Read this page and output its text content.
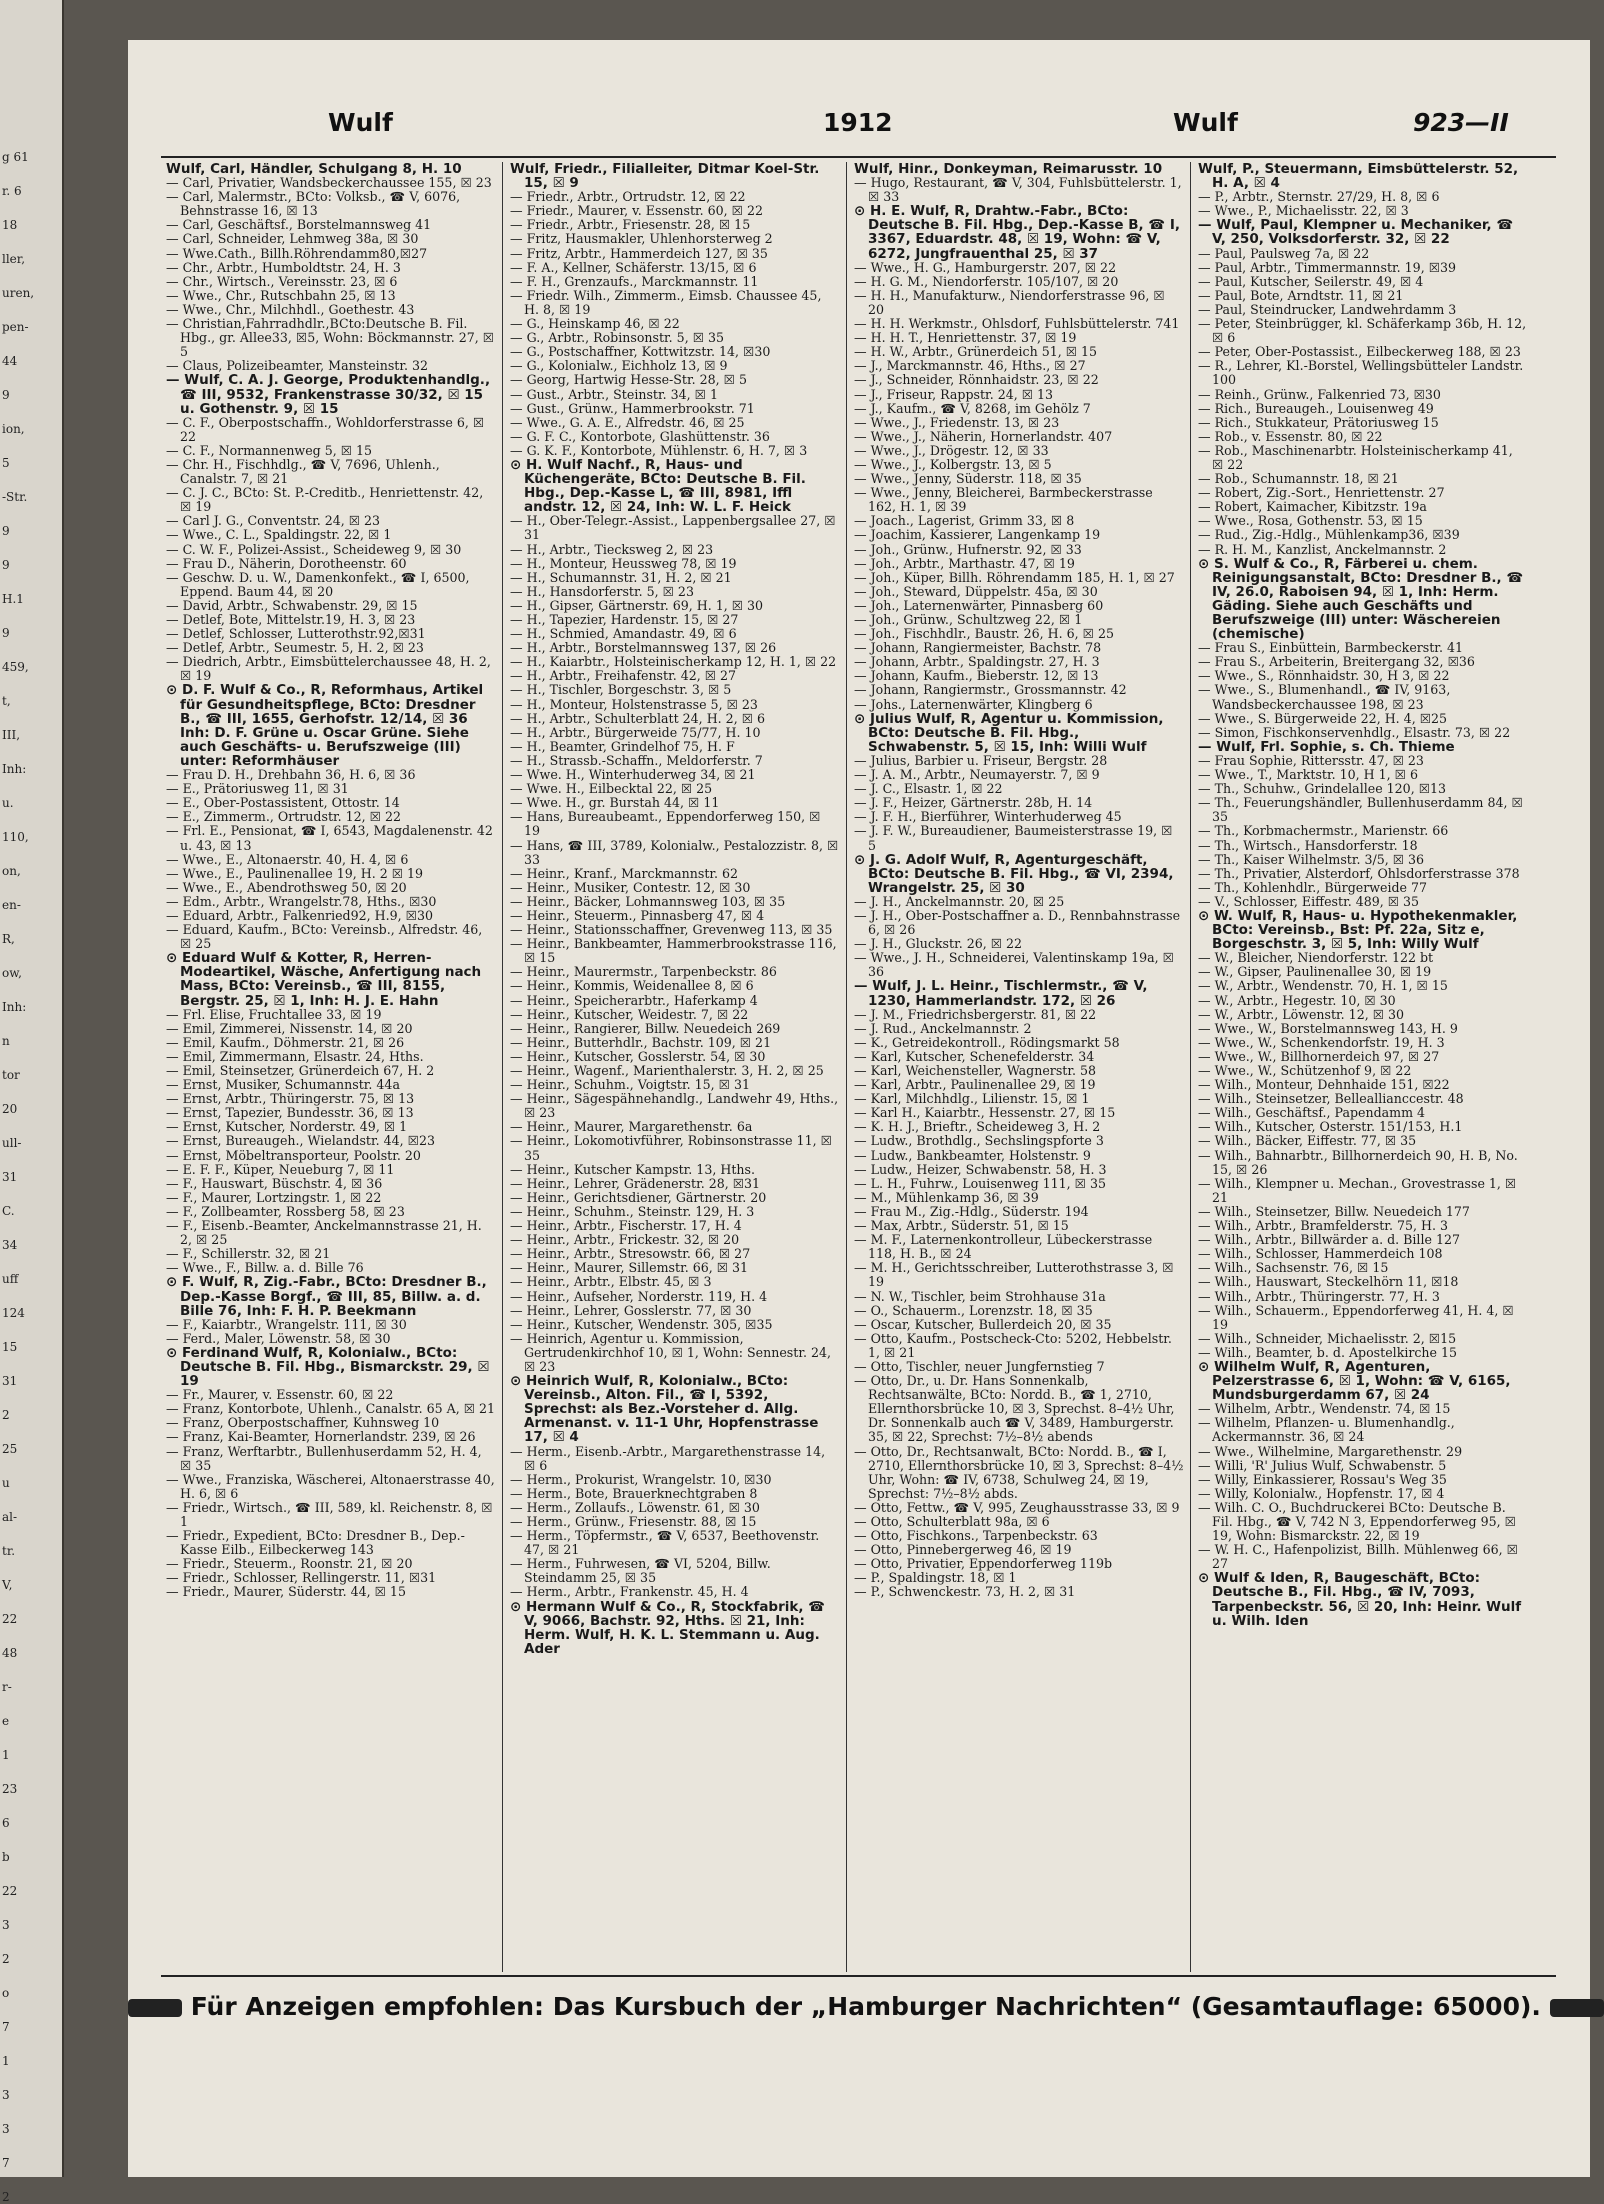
g 61
r. 6
18
ller,
uren,
pen-
44
9
ion,
5
-Str.
9
9
H.1
9
459,
t,
III,
Inh:
u.
110,
on,
en-
R,
ow,
Inh:
n
tor
20
ull-
31
C.
34
uff
124
15
31
2
25
u
al-
tr.
V,
22
48
r-
e
1
23
6
b
22
3
2
o
7
1
3
3
7
2
Wulf	1912	Wulf	923—II

Wulf, Carl, Händler, Schulgang 8, H. 10

— Carl, Privatier, Wandsbeckerchaussee 155, ☒ 23

— Carl, Malermstr., BCto: Volksb., ☎ V, 6076, Behnstrasse 16, ☒ 13

— Carl, Geschäftsf., Borstelmannsweg 41

— Carl, Schneider, Lehmweg 38a, ☒ 30

— Wwe.Cath., Billh.Röhrendamm80,☒27

— Chr., Arbtr., Humboldtstr. 24, H. 3

— Chr., Wirtsch., Vereinsstr. 23, ☒ 6

— Wwe., Chr., Rutschbahn 25, ☒ 13

— Wwe., Chr., Milchhdl., Goethestr. 43

— Christian,Fahrradhdlr.,BCto:Deutsche B. Fil. Hbg., gr. Allee33, ☒5, Wohn: Böckmannstr. 27, ☒ 5

— Claus, Polizeibeamter, Mansteinstr. 32

— Wulf, C. A. J. George, Produktenhandlg., ☎ III, 9532, Frankenstrasse 30/32, ☒ 15 u. Gothenstr. 9, ☒ 15

— C. F., Oberpostschaffn., Wohldorferstrasse 6, ☒ 22

— C. F., Normannenweg 5, ☒ 15

— Chr. H., Fischhdlg., ☎ V, 7696, Uhlenh., Canalstr. 7, ☒ 21

— C. J. C., BCto: St. P.-Creditb., Henriettenstr. 42, ☒ 19

— Carl J. G., Conventstr. 24, ☒ 23

— Wwe., C. L., Spaldingstr. 22, ☒ 1

— C. W. F., Polizei-Assist., Scheideweg 9, ☒ 30

— Frau D., Näherin, Dorotheenstr. 60

— Geschw. D. u. W., Damenkonfekt., ☎ I, 6500, Eppend. Baum 44, ☒ 20

— David, Arbtr., Schwabenstr. 29, ☒ 15

— Detlef, Bote, Mittelstr.19, H. 3, ☒ 23

— Detlef, Schlosser, Lutterothstr.92,☒31

— Detlef, Arbtr., Seumestr. 5, H. 2, ☒ 23

— Diedrich, Arbtr., Eimsbüttelerchaussee 48, H. 2, ☒ 19

⊙ D. F. Wulf & Co., R, Reformhaus, Artikel für Gesundheitspflege, BCto: Dresdner B., ☎ III, 1655, Gerhofstr. 12/14, ☒ 36 Inh: D. F. Grüne u. Oscar Grüne. Siehe auch Geschäfts- u. Berufszweige (III) unter: Reformhäuser

— Frau D. H., Drehbahn 36, H. 6, ☒ 36

— E., Prätoriusweg 11, ☒ 31

— E., Ober-Postassistent, Ottostr. 14

— E., Zimmerm., Ortrudstr. 12, ☒ 22

— Frl. E., Pensionat, ☎ I, 6543, Magdalenenstr. 42 u. 43, ☒ 13

— Wwe., E., Altonaerstr. 40, H. 4, ☒ 6

— Wwe., E., Paulinenallee 19, H. 2 ☒ 19

— Wwe., E., Abendrothsweg 50, ☒ 20

— Edm., Arbtr., Wrangelstr.78, Hths., ☒30

— Eduard, Arbtr., Falkenried92, H.9, ☒30

— Eduard, Kaufm., BCto: Vereinsb., Alfredstr. 46, ☒ 25

⊙ Eduard Wulf & Kotter, R, Herren-Modeartikel, Wäsche, Anfertigung nach Mass, BCto: Vereinsb., ☎ III, 8155, Bergstr. 25, ☒ 1, Inh: H. J. E. Hahn

— Frl. Elise, Fruchtallee 33, ☒ 19

— Emil, Zimmerei, Nissenstr. 14, ☒ 20

— Emil, Kaufm., Döhmerstr. 21, ☒ 26

— Emil, Zimmermann, Elsastr. 24, Hths.

— Emil, Steinsetzer, Grünerdeich 67, H. 2

— Ernst, Musiker, Schumannstr. 44a

— Ernst, Arbtr., Thüringerstr. 75, ☒ 13

— Ernst, Tapezier, Bundesstr. 36, ☒ 13

— Ernst, Kutscher, Norderstr. 49, ☒ 1

— Ernst, Bureaugeh., Wielandstr. 44, ☒23

— Ernst, Möbeltransporteur, Poolstr. 20

— E. F. F., Küper, Neueburg 7, ☒ 11

— F., Hauswart, Büschstr. 4, ☒ 36

— F., Maurer, Lortzingstr. 1, ☒ 22

— F., Zollbeamter, Rossberg 58, ☒ 23

— F., Eisenb.-Beamter, Anckelmannstrasse 21, H. 2, ☒ 25

— F., Schillerstr. 32, ☒ 21

— Wwe., F., Billw. a. d. Bille 76

⊙ F. Wulf, R, Zig.-Fabr., BCto: Dresdner B., Dep.-Kasse Borgf., ☎ III, 85, Billw. a. d. Bille 76, Inh: F. H. P. Beekmann

— F., Kaiarbtr., Wrangelstr. 111, ☒ 30

— Ferd., Maler, Löwenstr. 58, ☒ 30

⊙ Ferdinand Wulf, R, Kolonialw., BCto: Deutsche B. Fil. Hbg., Bismarckstr. 29, ☒ 19

— Fr., Maurer, v. Essenstr. 60, ☒ 22

— Franz, Kontorbote, Uhlenh., Canalstr. 65 A, ☒ 21

— Franz, Oberpostschaffner, Kuhnsweg 10

— Franz, Kai-Beamter, Hornerlandstr. 239, ☒ 26

— Franz, Werftarbtr., Bullenhuserdamm 52, H. 4, ☒ 35

— Wwe., Franziska, Wäscherei, Altonaerstrasse 40, H. 6, ☒ 6

— Friedr., Wirtsch., ☎ III, 589, kl. Reichenstr. 8, ☒ 1

— Friedr., Expedient, BCto: Dresdner B., Dep.-Kasse Eilb., Eilbeckerweg 143

— Friedr., Steuerm., Roonstr. 21, ☒ 20

— Friedr., Schlosser, Rellingerstr. 11, ☒31

— Friedr., Maurer, Süderstr. 44, ☒ 15

Wulf, Friedr., Filialleiter, Ditmar Koel-Str. 15, ☒ 9

— Friedr., Arbtr., Ortrudstr. 12, ☒ 22

— Friedr., Maurer, v. Essenstr. 60, ☒ 22

— Friedr., Arbtr., Friesenstr. 28, ☒ 15

— Fritz, Hausmakler, Uhlenhorsterweg 2

— Fritz, Arbtr., Hammerdeich 127, ☒ 35

— F. A., Kellner, Schäferstr. 13/15, ☒ 6

— F. H., Grenzaufs., Marckmannstr. 11

— Friedr. Wilh., Zimmerm., Eimsb. Chaussee 45, H. 8, ☒ 19

— G., Heinskamp 46, ☒ 22

— G., Arbtr., Robinsonstr. 5, ☒ 35

— G., Postschaffner, Kottwitzstr. 14, ☒30

— G., Kolonialw., Eichholz 13, ☒ 9

— Georg, Hartwig Hesse-Str. 28, ☒ 5

— Gust., Arbtr., Steinstr. 34, ☒ 1

— Gust., Grünw., Hammerbrookstr. 71

— Wwe., G. A. E., Alfredstr. 46, ☒ 25

— G. F. C., Kontorbote, Glashüttenstr. 36

— G. K. F., Kontorbote, Mühlenstr. 6, H. 7, ☒ 3

⊙ H. Wulf Nachf., R, Haus- und Küchengeräte, BCto: Deutsche B. Fil. Hbg., Dep.-Kasse L, ☎ III, 8981, Iffl andstr. 12, ☒ 24, Inh: W. L. F. Heick

— H., Ober-Telegr.-Assist., Lappenbergsallee 27, ☒ 31

— H., Arbtr., Tiecksweg 2, ☒ 23

— H., Monteur, Heussweg 78, ☒ 19

— H., Schumannstr. 31, H. 2, ☒ 21

— H., Hansdorferstr. 5, ☒ 23

— H., Gipser, Gärtnerstr. 69, H. 1, ☒ 30

— H., Tapezier, Hardenstr. 15, ☒ 27

— H., Schmied, Amandastr. 49, ☒ 6

— H., Arbtr., Borstelmannsweg 137, ☒ 26

— H., Kaiarbtr., Holsteinischerkamp 12, H. 1, ☒ 22

— H., Arbtr., Freihafenstr. 42, ☒ 27

— H., Tischler, Borgeschstr. 3, ☒ 5

— H., Monteur, Holstenstrasse 5, ☒ 23

— H., Arbtr., Schulterblatt 24, H. 2, ☒ 6

— H., Arbtr., Bürgerweide 75/77, H. 10

— H., Beamter, Grindelhof 75, H. F

— H., Strassb.-Schaffn., Meldorferstr. 7

— Wwe. H., Winterhuderweg 34, ☒ 21

— Wwe. H., Eilbecktal 22, ☒ 25

— Wwe. H., gr. Burstah 44, ☒ 11

— Hans, Bureaubeamt., Eppendorferweg 150, ☒ 19

— Hans, ☎ III, 3789, Kolonialw., Pestalozzistr. 8, ☒ 33

— Heinr., Kranf., Marckmannstr. 62

— Heinr., Musiker, Contestr. 12, ☒ 30

— Heinr., Bäcker, Lohmannsweg 103, ☒ 35

— Heinr., Steuerm., Pinnasberg 47, ☒ 4

— Heinr., Stationsschaffner, Grevenweg 113, ☒ 35

— Heinr., Bankbeamter, Hammerbrookstrasse 116, ☒ 15

— Heinr., Maurermstr., Tarpenbeckstr. 86

— Heinr., Kommis, Weidenallee 8, ☒ 6

— Heinr., Speicherarbtr., Haferkamp 4

— Heinr., Kutscher, Weidestr. 7, ☒ 22

— Heinr., Rangierer, Billw. Neuedeich 269

— Heinr., Butterhdlr., Bachstr. 109, ☒ 21

— Heinr., Kutscher, Gosslerstr. 54, ☒ 30

— Heinr., Wagenf., Marienthalerstr. 3, H. 2, ☒ 25

— Heinr., Schuhm., Voigtstr. 15, ☒ 31

— Heinr., Sägespähnehandlg., Landwehr 49, Hths., ☒ 23

— Heinr., Maurer, Margarethenstr. 6a

— Heinr., Lokomotivführer, Robinsonstrasse 11, ☒ 35

— Heinr., Kutscher Kampstr. 13, Hths.

— Heinr., Lehrer, Grädenerstr. 28, ☒31

— Heinr., Gerichtsdiener, Gärtnerstr. 20

— Heinr., Schuhm., Steinstr. 129, H. 3

— Heinr., Arbtr., Fischerstr. 17, H. 4

— Heinr., Arbtr., Frickestr. 32, ☒ 20

— Heinr., Arbtr., Stresowstr. 66, ☒ 27

— Heinr., Maurer, Sillemstr. 66, ☒ 31

— Heinr., Arbtr., Elbstr. 45, ☒ 3

— Heinr., Aufseher, Norderstr. 119, H. 4

— Heinr., Lehrer, Gosslerstr. 77, ☒ 30

— Heinr., Kutscher, Wendenstr. 305, ☒35

— Heinrich, Agentur u. Kommission, Gertrudenkirchhof 10, ☒ 1, Wohn: Sennestr. 24, ☒ 23

⊙ Heinrich Wulf, R, Kolonialw., BCto: Vereinsb., Alton. Fil., ☎ I, 5392, Sprechst: als Bez.-Vorsteher d. Allg. Armenanst. v. 11-1 Uhr, Hopfenstrasse 17, ☒ 4

— Herm., Eisenb.-Arbtr., Margarethenstrasse 14, ☒ 6

— Herm., Prokurist, Wrangelstr. 10, ☒30

— Herm., Bote, Brauerknechtgraben 8

— Herm., Zollaufs., Löwenstr. 61, ☒ 30

— Herm., Grünw., Friesenstr. 88, ☒ 15

— Herm., Töpfermstr., ☎ V, 6537, Beethovenstr. 47, ☒ 21

— Herm., Fuhrwesen, ☎ VI, 5204, Billw. Steindamm 25, ☒ 35

— Herm., Arbtr., Frankenstr. 45, H. 4

⊙ Hermann Wulf & Co., R, Stockfabrik, ☎ V, 9066, Bachstr. 92, Hths. ☒ 21, Inh: Herm. Wulf, H. K. L. Stemmann u. Aug. Ader

Wulf, Hinr., Donkeyman, Reimarusstr. 10

— Hugo, Restaurant, ☎ V, 304, Fuhlsbüttelerstr. 1, ☒ 33

⊙ H. E. Wulf, R, Drahtw.-Fabr., BCto: Deutsche B. Fil. Hbg., Dep.-Kasse B, ☎ I, 3367, Eduardstr. 48, ☒ 19, Wohn: ☎ V, 6272, Jungfrauenthal 25, ☒ 37

— Wwe., H. G., Hamburgerstr. 207, ☒ 22

— H. G. M., Niendorferstr. 105/107, ☒ 20

— H. H., Manufakturw., Niendorferstrasse 96, ☒ 20

— H. H. Werkmstr., Ohlsdorf, Fuhlsbüttelerstr. 741

— H. H. T., Henriettenstr. 37, ☒ 19

— H. W., Arbtr., Grünerdeich 51, ☒ 15

— J., Marckmannstr. 46, Hths., ☒ 27

— J., Schneider, Rönnhaidstr. 23, ☒ 22

— J., Friseur, Rappstr. 24, ☒ 13

— J., Kaufm., ☎ V, 8268, im Gehölz 7

— Wwe., J., Friedenstr. 13, ☒ 23

— Wwe., J., Näherin, Hornerlandstr. 407

— Wwe., J., Drögestr. 12, ☒ 33

— Wwe., J., Kolbergstr. 13, ☒ 5

— Wwe., Jenny, Süderstr. 118, ☒ 35

— Wwe., Jenny, Bleicherei, Barmbeckerstrasse 162, H. 1, ☒ 39

— Joach., Lagerist, Grimm 33, ☒ 8

— Joachim, Kassierer, Langenkamp 19

— Joh., Grünw., Hufnerstr. 92, ☒ 33

— Joh., Arbtr., Marthastr. 47, ☒ 19

— Joh., Küper, Billh. Röhrendamm 185, H. 1, ☒ 27

— Joh., Steward, Düppelstr. 45a, ☒ 30

— Joh., Laternenwärter, Pinnasberg 60

— Joh., Grünw., Schultzweg 22, ☒ 1

— Joh., Fischhdlr., Baustr. 26, H. 6, ☒ 25

— Johann, Rangiermeister, Bachstr. 78

— Johann, Arbtr., Spaldingstr. 27, H. 3

— Johann, Kaufm., Bieberstr. 12, ☒ 13

— Johann, Rangiermstr., Grossmannstr. 42

— Johs., Laternenwärter, Klingberg 6

⊙ Julius Wulf, R, Agentur u. Kommission, BCto: Deutsche B. Fil. Hbg., Schwabenstr. 5, ☒ 15, Inh: Willi Wulf

— Julius, Barbier u. Friseur, Bergstr. 28

— J. A. M., Arbtr., Neumayerstr. 7, ☒ 9

— J. C., Elsastr. 1, ☒ 22

— J. F., Heizer, Gärtnerstr. 28b, H. 14

— J. F. H., Bierführer, Winterhuderweg 45

— J. F. W., Bureaudiener, Baumeisterstrasse 19, ☒ 5

⊙ J. G. Adolf Wulf, R, Agenturgeschäft, BCto: Deutsche B. Fil. Hbg., ☎ VI, 2394, Wrangelstr. 25, ☒ 30

— J. H., Anckelmannstr. 20, ☒ 25

— J. H., Ober-Postschaffner a. D., Rennbahnstrasse 6, ☒ 26

— J. H., Gluckstr. 26, ☒ 22

— Wwe., J. H., Schneiderei, Valentinskamp 19a, ☒ 36

— Wulf, J. L. Heinr., Tischlermstr., ☎ V, 1230, Hammerlandstr. 172, ☒ 26

— J. M., Friedrichsbergerstr. 81, ☒ 22

— J. Rud., Anckelmannstr. 2

— K., Getreidekontroll., Rödingsmarkt 58

— Karl, Kutscher, Schenefelderstr. 34

— Karl, Weichensteller, Wagnerstr. 58

— Karl, Arbtr., Paulinenallee 29, ☒ 19

— Karl, Milchhdlg., Lilienstr. 15, ☒ 1

— Karl H., Kaiarbtr., Hessenstr. 27, ☒ 15

— K. H. J., Brieftr., Scheideweg 3, H. 2

— Ludw., Brothdlg., Sechslingspforte 3

— Ludw., Bankbeamter, Holstenstr. 9

— Ludw., Heizer, Schwabenstr. 58, H. 3

— L. H., Fuhrw., Louisenweg 111, ☒ 35

— M., Mühlenkamp 36, ☒ 39

— Frau M., Zig.-Hdlg., Süderstr. 194

— Max, Arbtr., Süderstr. 51, ☒ 15

— M. F., Laternenkontrolleur, Lübeckerstrasse 118, H. B., ☒ 24

— M. H., Gerichtsschreiber, Lutterothstrasse 3, ☒ 19

— N. W., Tischler, beim Strohhause 31a

— O., Schauerm., Lorenzstr. 18, ☒ 35

— Oscar, Kutscher, Bullerdeich 20, ☒ 35

— Otto, Kaufm., Postscheck-Cto: 5202, Hebbelstr. 1, ☒ 21

— Otto, Tischler, neuer Jungfernstieg 7

— Otto, Dr., u. Dr. Hans Sonnenkalb, Rechtsanwälte, BCto: Nordd. B., ☎ 1, 2710, Ellernthorsbrücke 10, ☒ 3, Sprechst. 8–4½ Uhr, Dr. Sonnenkalb auch ☎ V, 3489, Hamburgerstr. 35, ☒ 22, Sprechst: 7½–8½ abends

— Otto, Dr., Rechtsanwalt, BCto: Nordd. B., ☎ I, 2710, Ellernthorsbrücke 10, ☒ 3, Sprechst: 8–4½ Uhr, Wohn: ☎ IV, 6738, Schulweg 24, ☒ 19, Sprechst: 7½–8½ abds.

— Otto, Fettw., ☎ V, 995, Zeughausstrasse 33, ☒ 9

— Otto, Schulterblatt 98a, ☒ 6

— Otto, Fischkons., Tarpenbeckstr. 63

— Otto, Pinnebergerweg 46, ☒ 19

— Otto, Privatier, Eppendorferweg 119b

— P., Spaldingstr. 18, ☒ 1

— P., Schwenckestr. 73, H. 2, ☒ 31

Wulf, P., Steuermann, Eimsbüttelerstr. 52, H. A, ☒ 4

— P., Arbtr., Sternstr. 27/29, H. 8, ☒ 6

— Wwe., P., Michaelisstr. 22, ☒ 3

— Wulf, Paul, Klempner u. Mechaniker, ☎ V, 250, Volksdorferstr. 32, ☒ 22

— Paul, Paulsweg 7a, ☒ 22

— Paul, Arbtr., Timmermannstr. 19, ☒39

— Paul, Kutscher, Seilerstr. 49, ☒ 4

— Paul, Bote, Arndtstr. 11, ☒ 21

— Paul, Steindrucker, Landwehrdamm 3

— Peter, Steinbrügger, kl. Schäferkamp 36b, H. 12, ☒ 6

— Peter, Ober-Postassist., Eilbeckerweg 188, ☒ 23

— R., Lehrer, Kl.-Borstel, Wellingsbütteler Landstr. 100

— Reinh., Grünw., Falkenried 73, ☒30

— Rich., Bureaugeh., Louisenweg 49

— Rich., Stukkateur, Prätoriusweg 15

— Rob., v. Essenstr. 80, ☒ 22

— Rob., Maschinenarbtr. Holsteinischerkamp 41, ☒ 22

— Rob., Schumannstr. 18, ☒ 21

— Robert, Zig.-Sort., Henriettenstr. 27

— Robert, Kaimacher, Kibitzstr. 19a

— Wwe., Rosa, Gothenstr. 53, ☒ 15

— Rud., Zig.-Hdlg., Mühlenkamp36, ☒39

— R. H. M., Kanzlist, Anckelmannstr. 2

⊙ S. Wulf & Co., R, Färberei u. chem. Reinigungsanstalt, BCto: Dresdner B., ☎ IV, 26.0, Raboisen 94, ☒ 1, Inh: Herm. Gäding. Siehe auch Geschäfts und Berufszweige (III) unter: Wäschereien (chemische)

— Frau S., Einbüttein, Barmbeckerstr. 41

— Frau S., Arbeiterin, Breitergang 32, ☒36

— Wwe., S., Rönnhaidstr. 30, H 3, ☒ 22

— Wwe., S., Blumenhandl., ☎ IV, 9163, Wandsbeckerchaussee 198, ☒ 23

— Wwe., S. Bürgerweide 22, H. 4, ☒25

— Simon, Fischkonservenhdlg., Elsastr. 73, ☒ 22

— Wulf, Frl. Sophie, s. Ch. Thieme

— Frau Sophie, Rittersstr. 47, ☒ 23

— Wwe., T., Marktstr. 10, H 1, ☒ 6

— Th., Schuhw., Grindelallee 120, ☒13

— Th., Feuerungshändler, Bullenhuserdamm 84, ☒ 35

— Th., Korbmachermstr., Marienstr. 66

— Th., Wirtsch., Hansdorferstr. 18

— Th., Kaiser Wilhelmstr. 3/5, ☒ 36

— Th., Privatier, Alsterdorf, Ohlsdorferstrasse 378

— Th., Kohlenhdlr., Bürgerweide 77

— V., Schlosser, Eiffestr. 489, ☒ 35

⊙ W. Wulf, R, Haus- u. Hypothekenmakler, BCto: Vereinsb., Bst: Pf. 22a, Sitz e, Borgeschstr. 3, ☒ 5, Inh: Willy Wulf

— W., Bleicher, Niendorferstr. 122 bt

— W., Gipser, Paulinenallee 30, ☒ 19

— W., Arbtr., Wendenstr. 70, H. 1, ☒ 15

— W., Arbtr., Hegestr. 10, ☒ 30

— W., Arbtr., Löwenstr. 12, ☒ 30

— Wwe., W., Borstelmannsweg 143, H. 9

— Wwe., W., Schenkendorfstr. 19, H. 3

— Wwe., W., Billhornerdeich 97, ☒ 27

— Wwe., W., Schützenhof 9, ☒ 22

— Wilh., Monteur, Dehnhaide 151, ☒22

— Wilh., Steinsetzer, Belleallianccestr. 48

— Wilh., Geschäftsf., Papendamm 4

— Wilh., Kutscher, Osterstr. 151/153, H.1

— Wilh., Bäcker, Eiffestr. 77, ☒ 35

— Wilh., Bahnarbtr., Billhornerdeich 90, H. B, No. 15, ☒ 26

— Wilh., Klempner u. Mechan., Grovestrasse 1, ☒ 21

— Wilh., Steinsetzer, Billw. Neuedeich 177

— Wilh., Arbtr., Bramfelderstr. 75, H. 3

— Wilh., Arbtr., Billwärder a. d. Bille 127

— Wilh., Schlosser, Hammerdeich 108

— Wilh., Sachsenstr. 76, ☒ 15

— Wilh., Hauswart, Steckelhörn 11, ☒18

— Wilh., Arbtr., Thüringerstr. 77, H. 3

— Wilh., Schauerm., Eppendorferweg 41, H. 4, ☒ 19

— Wilh., Schneider, Michaelisstr. 2, ☒15

— Wilh., Beamter, b. d. Apostelkirche 15

⊙ Wilhelm Wulf, R, Agenturen, Pelzerstrasse 6, ☒ 1, Wohn: ☎ V, 6165, Mundsburgerdamm 67, ☒ 24

— Wilhelm, Arbtr., Wendenstr. 74, ☒ 15

— Wilhelm, Pflanzen- u. Blumenhandlg., Ackermannstr. 36, ☒ 24

— Wwe., Wilhelmine, Margarethenstr. 29

— Willi, 'R' Julius Wulf, Schwabenstr. 5

— Willy, Einkassierer, Rossau's Weg 35

— Willy, Kolonialw., Hopfenstr. 17, ☒ 4

— Wilh. C. O., Buchdruckerei BCto: Deutsche B. Fil. Hbg., ☎ V, 742 N 3, Eppendorferweg 95, ☒ 19, Wohn: Bismarckstr. 22, ☒ 19

— W. H. C., Hafenpolizist, Billh. Mühlenweg 66, ☒ 27

⊙ Wulf & Iden, R, Baugeschäft, BCto: Deutsche B., Fil. Hbg., ☎ IV, 7093, Tarpenbeckstr. 56, ☒ 20, Inh: Heinr. Wulf u. Wilh. Iden

Für Anzeigen empfohlen: Das Kursbuch der „Hamburger Nachrichten“ (Gesamtauflage: 65000).
